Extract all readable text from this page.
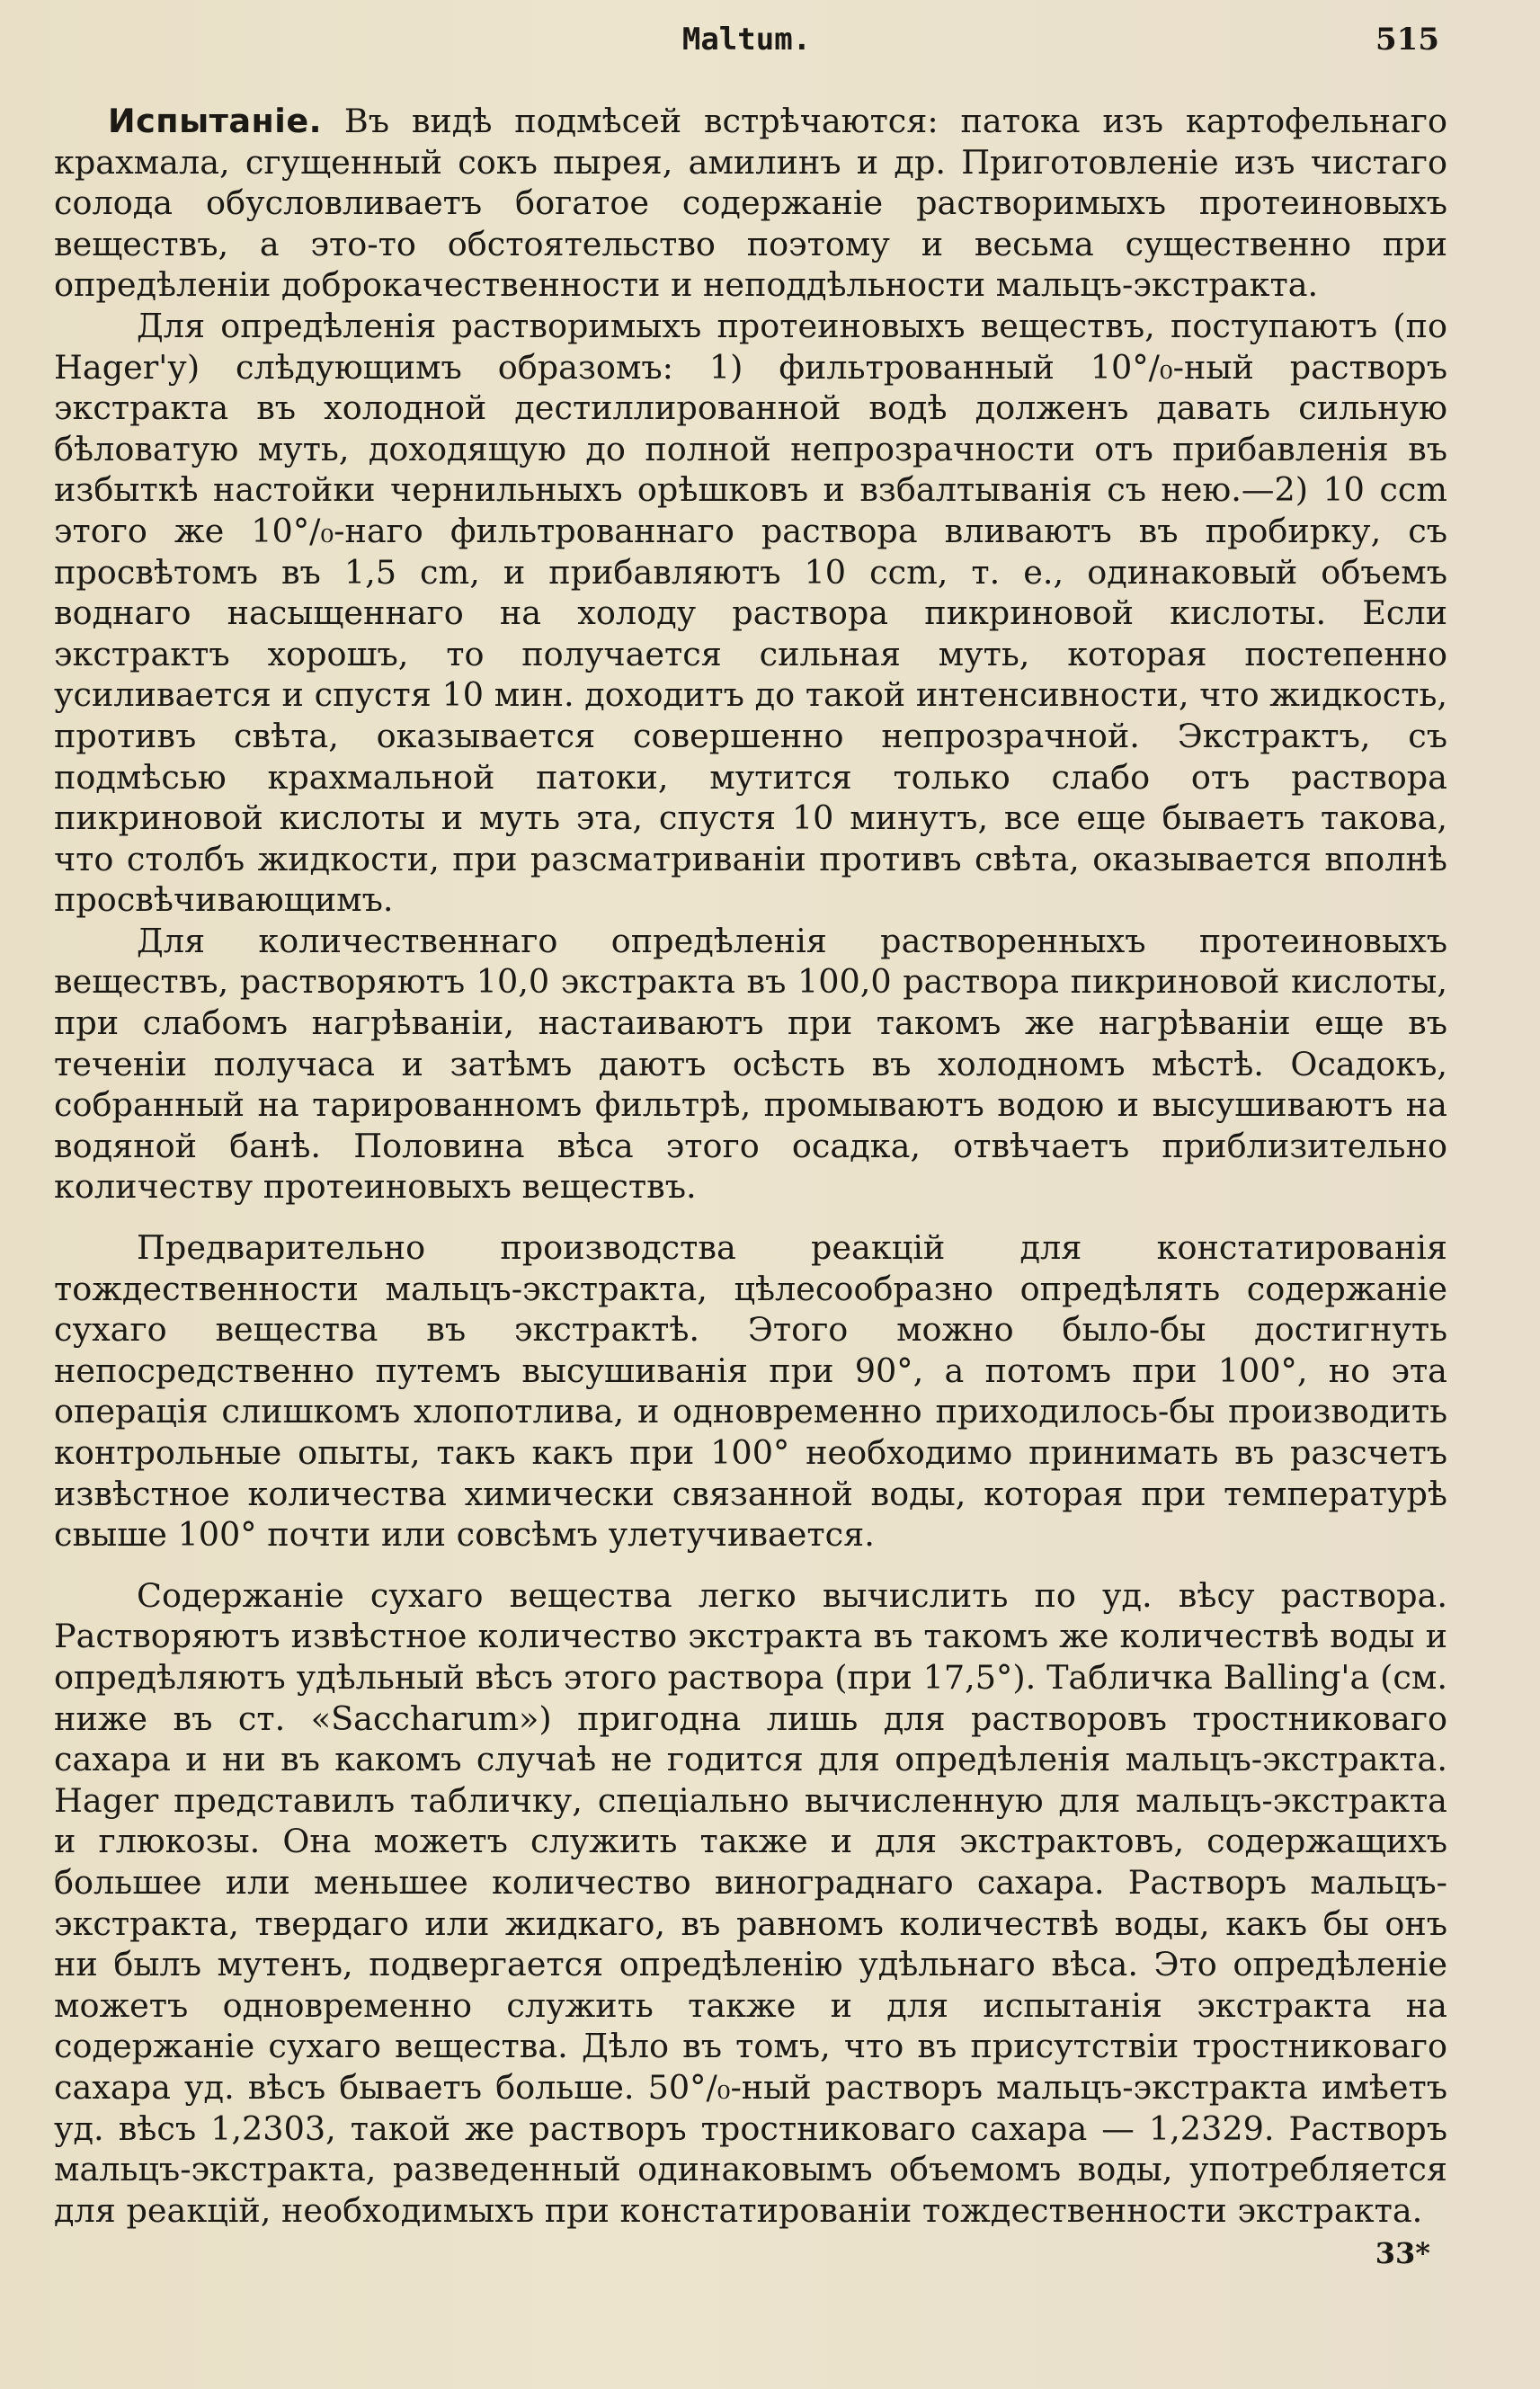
Maltum.	515

Испытаніе. Въ видѣ подмѣсей встрѣчаются: патока изъ картофельнаго крахмала, сгущенный сокъ пырея, амилинъ и др. Приготовленіе изъ чистаго солода обусловливаетъ богатое содержаніе растворимыхъ протеиновыхъ веществъ, а это-то обстоятельство поэтому и весьма существенно при опредѣленіи доброкачественности и неподдѣльности мальцъ-экстракта.

Для опредѣленія растворимыхъ протеиновыхъ веществъ, поступаютъ (по Hager'у) слѣдующимъ образомъ: 1) фильтрованный 10°/₀-ный растворъ экстракта въ холодной дестиллированной водѣ долженъ давать сильную бѣловатую муть, доходящую до полной непрозрачности отъ прибавленія въ избыткѣ настойки чернильныхъ орѣшковъ и взбалтыванія съ нею.—2) 10 ccm этого же 10°/₀-наго фильтрованнаго раствора вливаютъ въ пробирку, съ просвѣтомъ въ 1,5 cm, и прибавляютъ 10 ccm, т. е., одинаковый объемъ воднаго насыщеннаго на холоду раствора пикриновой кислоты. Если экстрактъ хорошъ, то получается сильная муть, которая постепенно усиливается и спустя 10 мин. доходитъ до такой интенсивности, что жидкость, противъ свѣта, оказывается совершенно непрозрачной. Экстрактъ, съ подмѣсью крахмальной патоки, мутится только слабо отъ раствора пикриновой кислоты и муть эта, спустя 10 минутъ, все еще бываетъ такова, что столбъ жидкости, при разсматриваніи противъ свѣта, оказывается вполнѣ просвѣчивающимъ.

Для количественнаго опредѣленія растворенныхъ протеиновыхъ веществъ, растворяютъ 10,0 экстракта въ 100,0 раствора пикриновой кислоты, при слабомъ нагрѣваніи, настаиваютъ при такомъ же нагрѣваніи еще въ теченіи получаса и затѣмъ даютъ осѣсть въ холодномъ мѣстѣ. Осадокъ, собранный на тарированномъ фильтрѣ, промываютъ водою и высушиваютъ на водяной банѣ. Половина вѣса этого осадка, отвѣчаетъ приблизительно количеству протеиновыхъ веществъ.

Предварительно производства реакцій для констатированія тождественности мальцъ-экстракта, цѣлесообразно опредѣлять содержаніе сухаго вещества въ экстрактѣ. Этого можно было-бы достигнуть непосредственно путемъ высушиванія при 90°, а потомъ при 100°, но эта операція слишкомъ хлопотлива, и одновременно приходилось-бы производить контрольные опыты, такъ какъ при 100° необходимо принимать въ разсчетъ извѣстное количества химически связанной воды, которая при температурѣ свыше 100° почти или совсѣмъ улетучивается.

Содержаніе сухаго вещества легко вычислить по уд. вѣсу раствора. Растворяютъ извѣстное количество экстракта въ такомъ же количествѣ воды и опредѣляютъ удѣльный вѣсъ этого раствора (при 17,5°). Табличка Balling'a (см. ниже въ ст. «Saccharum») пригодна лишь для растворовъ тростниковаго сахара и ни въ какомъ случаѣ не годится для опредѣленія мальцъ-экстракта. Hager представилъ табличку, спеціально вычисленную для мальцъ-экстракта и глюкозы. Она можетъ служить также и для экстрактовъ, содержащихъ большее или меньшее количество винограднаго сахара. Растворъ мальцъ-экстракта, твердаго или жидкаго, въ равномъ количествѣ воды, какъ бы онъ ни былъ мутенъ, подвергается опредѣленію удѣльнаго вѣса. Это опредѣленіе можетъ одновременно служить также и для испытанія экстракта на содержаніе сухаго вещества. Дѣло въ томъ, что въ присутствіи тростниковаго сахара уд. вѣсъ бываетъ больше. 50°/₀-ный растворъ мальцъ-экстракта имѣетъ уд. вѣсъ 1,2303, такой же растворъ тростниковаго сахара — 1,2329. Растворъ мальцъ-экстракта, разведенный одинаковымъ объемомъ воды, употребляется для реакцій, необходимыхъ при констатированіи тождественности экстракта.

33*
